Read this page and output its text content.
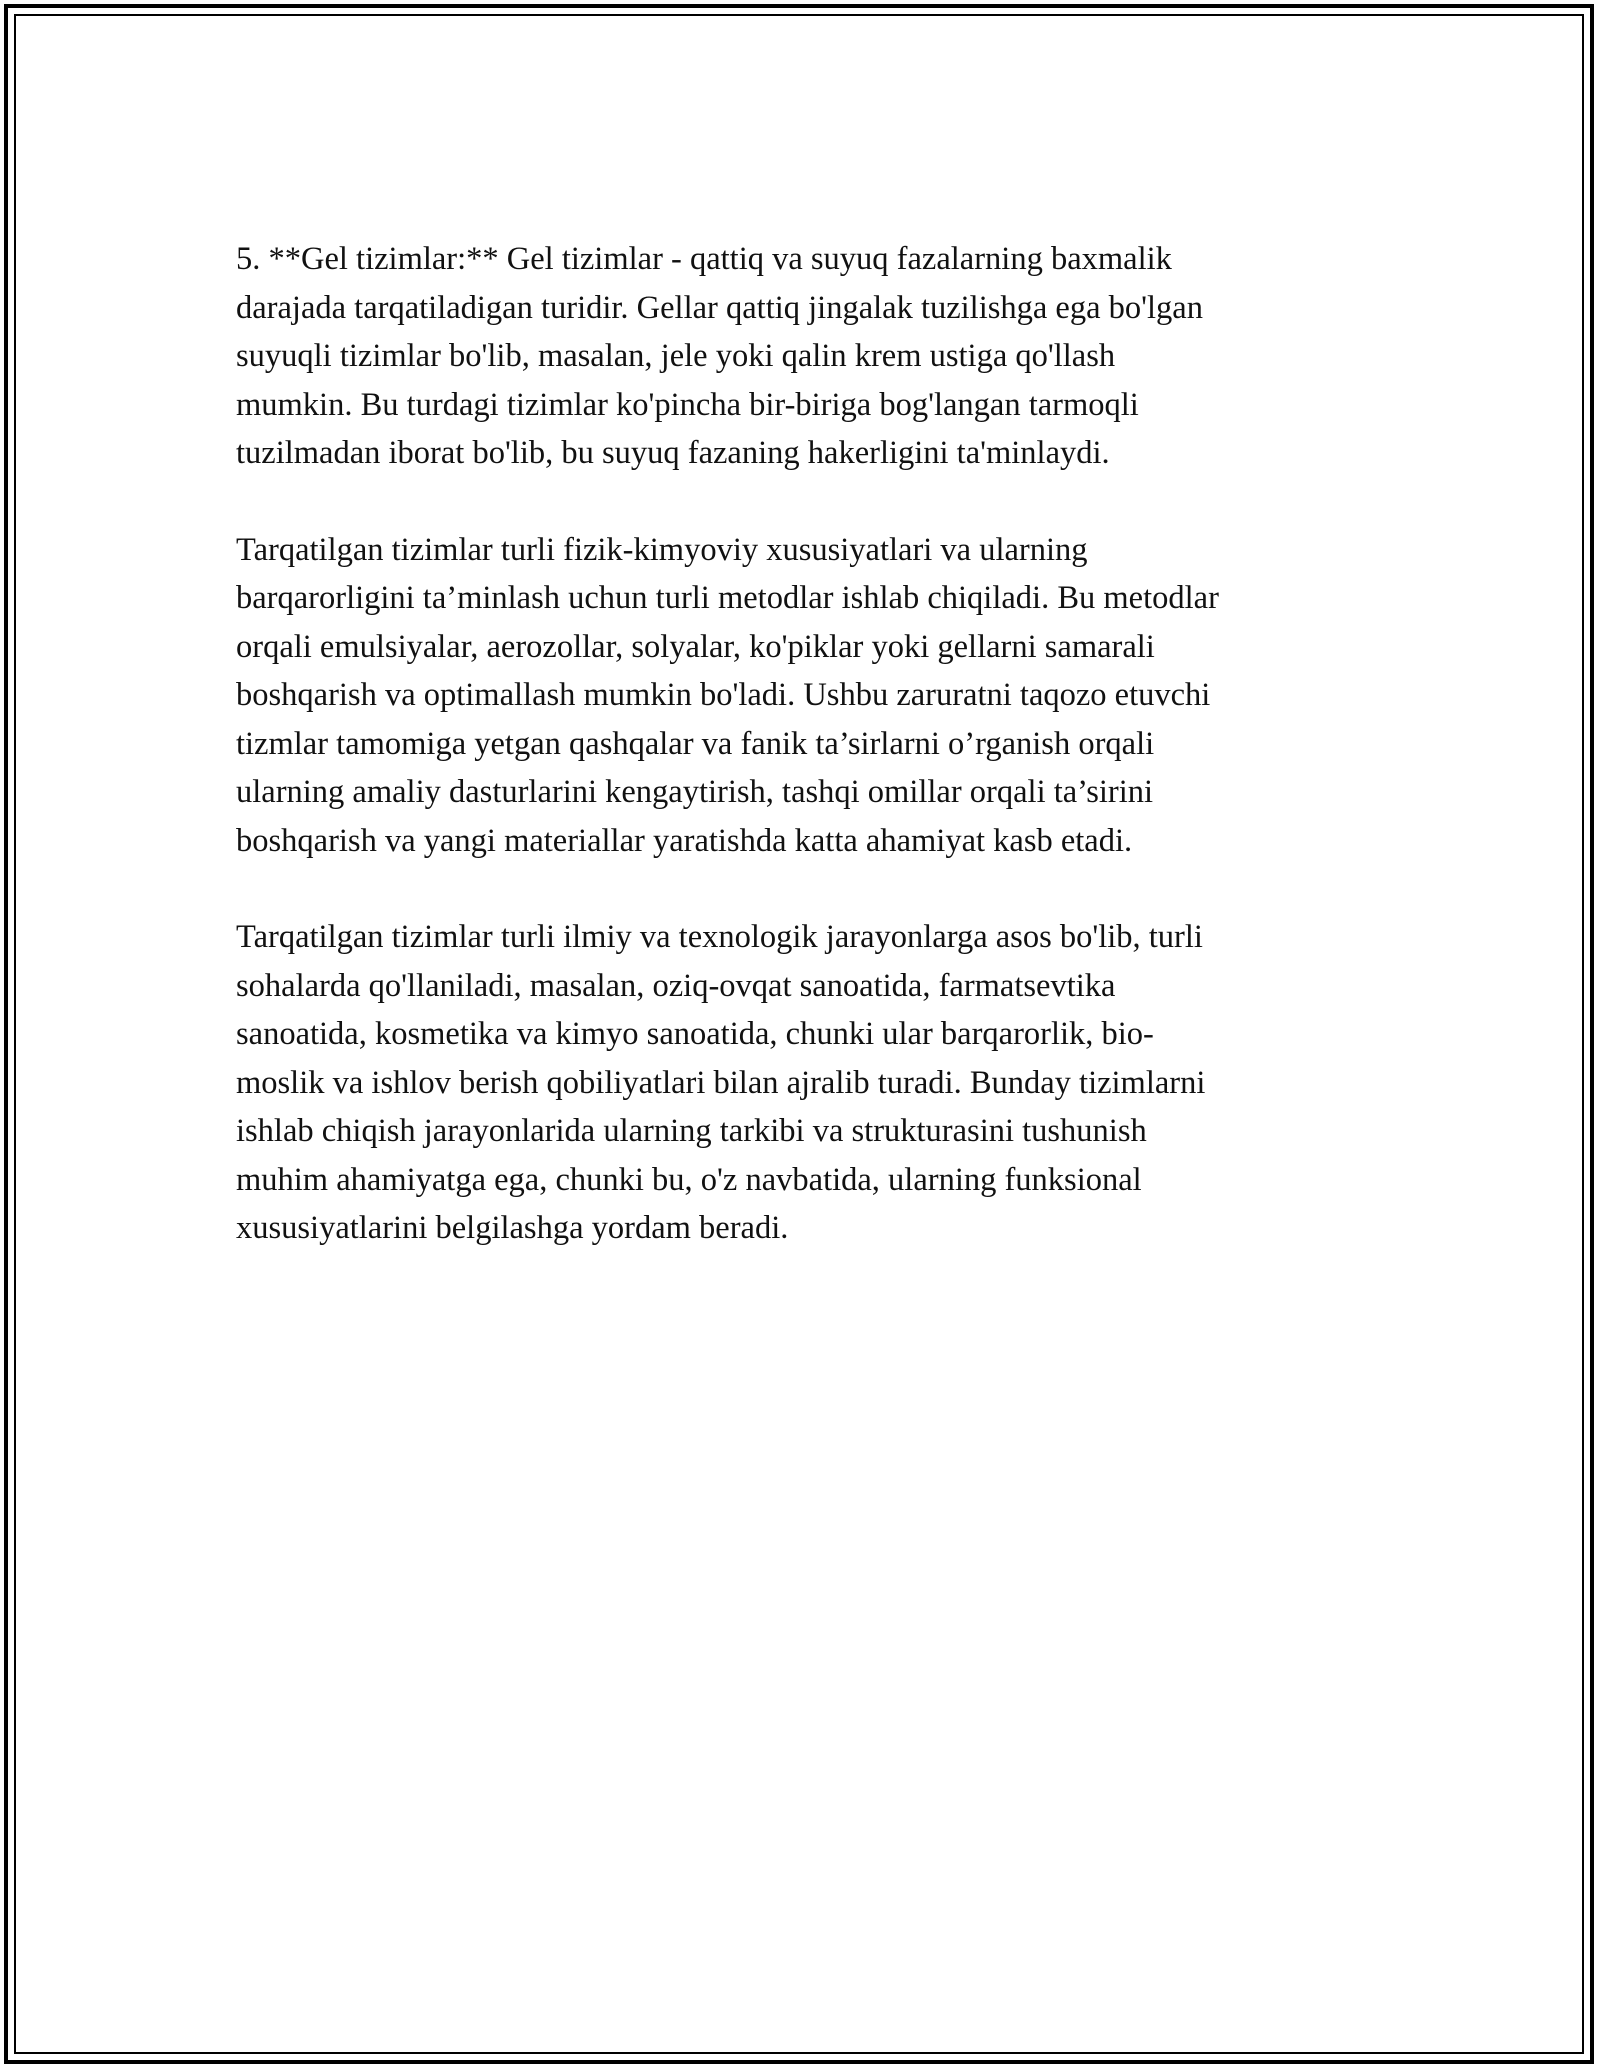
5. **Gel tizimlar:** Gel tizimlar - qattiq va suyuq fazalarning baxmalik
darajada tarqatiladigan turidir. Gellar qattiq jingalak tuzilishga ega bo'lgan
suyuqli tizimlar bo'lib, masalan, jele yoki qalin krem ustiga qo'llash
mumkin. Bu turdagi tizimlar ko'pincha bir-biriga bog'langan tarmoqli
tuzilmadan iborat bo'lib, bu suyuq fazaning hakerligini ta'minlaydi.

Tarqatilgan tizimlar turli fizik-kimyoviy xususiyatlari va ularning
barqarorligini ta’minlash uchun turli metodlar ishlab chiqiladi. Bu metodlar
orqali emulsiyalar, aerozollar, solyalar, ko'piklar yoki gellarni samarali
boshqarish va optimallash mumkin bo'ladi. Ushbu zaruratni taqozo etuvchi
tizmlar tamomiga yetgan qashqalar va fanik ta’sirlarni o’rganish orqali
ularning amaliy dasturlarini kengaytirish, tashqi omillar orqali ta’sirini
boshqarish va yangi materiallar yaratishda katta ahamiyat kasb etadi.

Tarqatilgan tizimlar turli ilmiy va texnologik jarayonlarga asos bo'lib, turli
sohalarda qo'llaniladi, masalan, oziq-ovqat sanoatida, farmatsevtika
sanoatida, kosmetika va kimyo sanoatida, chunki ular barqarorlik, bio-
moslik va ishlov berish qobiliyatlari bilan ajralib turadi. Bunday tizimlarni
ishlab chiqish jarayonlarida ularning tarkibi va strukturasini tushunish
muhim ahamiyatga ega, chunki bu, o'z navbatida, ularning funksional
xususiyatlarini belgilashga yordam beradi.
